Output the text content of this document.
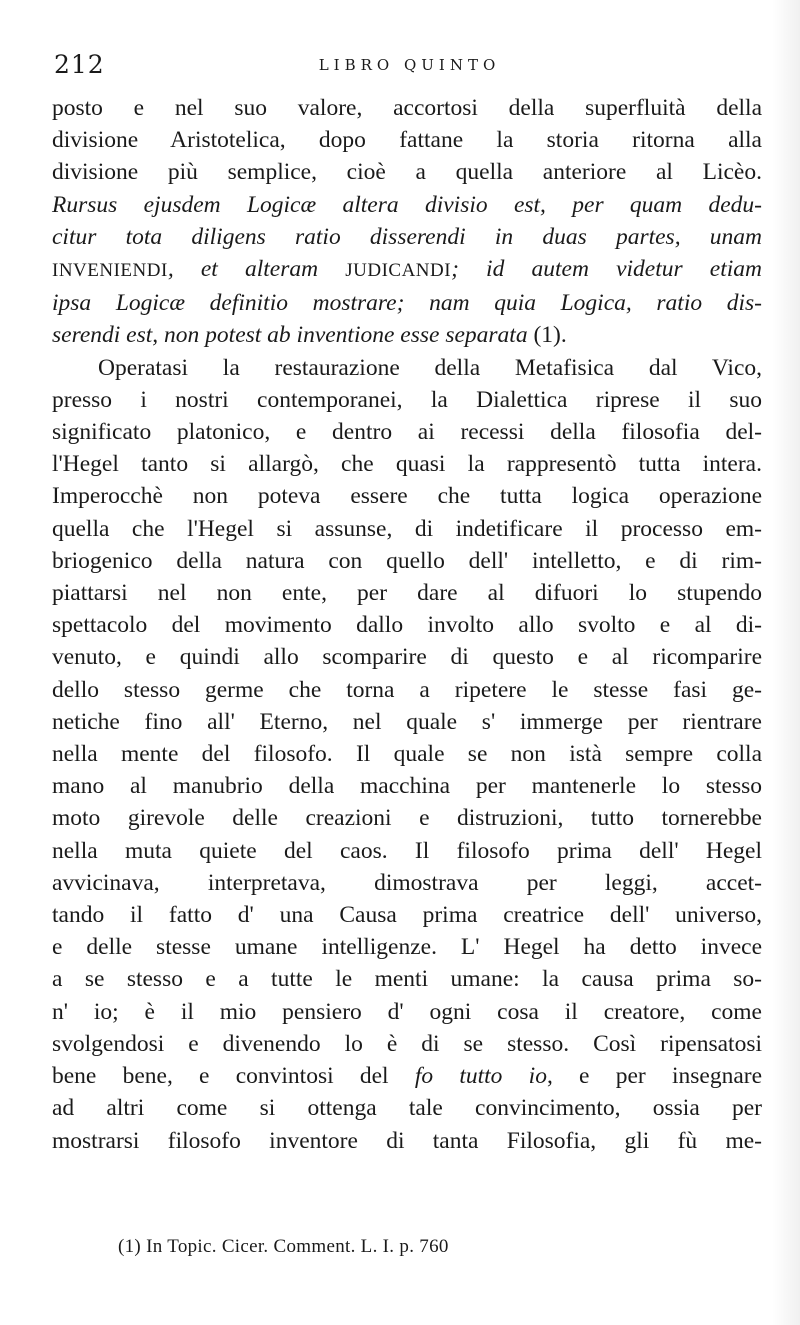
212	LIBRO QUINTO
posto e nel suo valore, accortosi della superfluità della
divisione Aristotelica, dopo fattane la storia ritorna alla
divisione più semplice, cioè a quella anteriore al Licèo.
Rursus ejusdem Logicæ altera divisio est, per quam dedu-
citur tota diligens ratio disserendi in duas partes, unam
INVENIENDI, et alteram JUDICANDI; id autem videtur etiam
ipsa Logicæ definitio mostrare; nam quia Logica, ratio dis-
serendi est, non potest ab inventione esse separata (1).
Operatasi la restaurazione della Metafisica dal Vico,
presso i nostri contemporanei, la Dialettica riprese il suo
significato platonico, e dentro ai recessi della filosofia del-
l'Hegel tanto si allargò, che quasi la rappresentò tutta intera.
Imperocchè non poteva essere che tutta logica operazione
quella che l'Hegel si assunse, di indetificare il processo em-
briogenico della natura con quello dell' intelletto, e di rim-
piattarsi nel non ente, per dare al difuori lo stupendo
spettacolo del movimento dallo involto allo svolto e al di-
venuto, e quindi allo scomparire di questo e al ricomparire
dello stesso germe che torna a ripetere le stesse fasi ge-
netiche fino all' Eterno, nel quale s' immerge per rientrare
nella mente del filosofo. Il quale se non istà sempre colla
mano al manubrio della macchina per mantenerle lo stesso
moto girevole delle creazioni e distruzioni, tutto tornerebbe
nella muta quiete del caos. Il filosofo prima dell' Hegel
avvicinava, interpretava, dimostrava per leggi, accet-
tando il fatto d' una Causa prima creatrice dell' universo,
e delle stesse umane intelligenze. L' Hegel ha detto invece
a se stesso e a tutte le menti umane: la causa prima so-
n' io; è il mio pensiero d' ogni cosa il creatore, come
svolgendosi e divenendo lo è di se stesso. Così ripensatosi
bene bene, e convintosi del fo tutto io, e per insegnare
ad altri come si ottenga tale convincimento, ossia per
mostrarsi filosofo inventore di tanta Filosofia, gli fù me-
(1) In Topic. Cicer. Comment. L. I. p. 760
